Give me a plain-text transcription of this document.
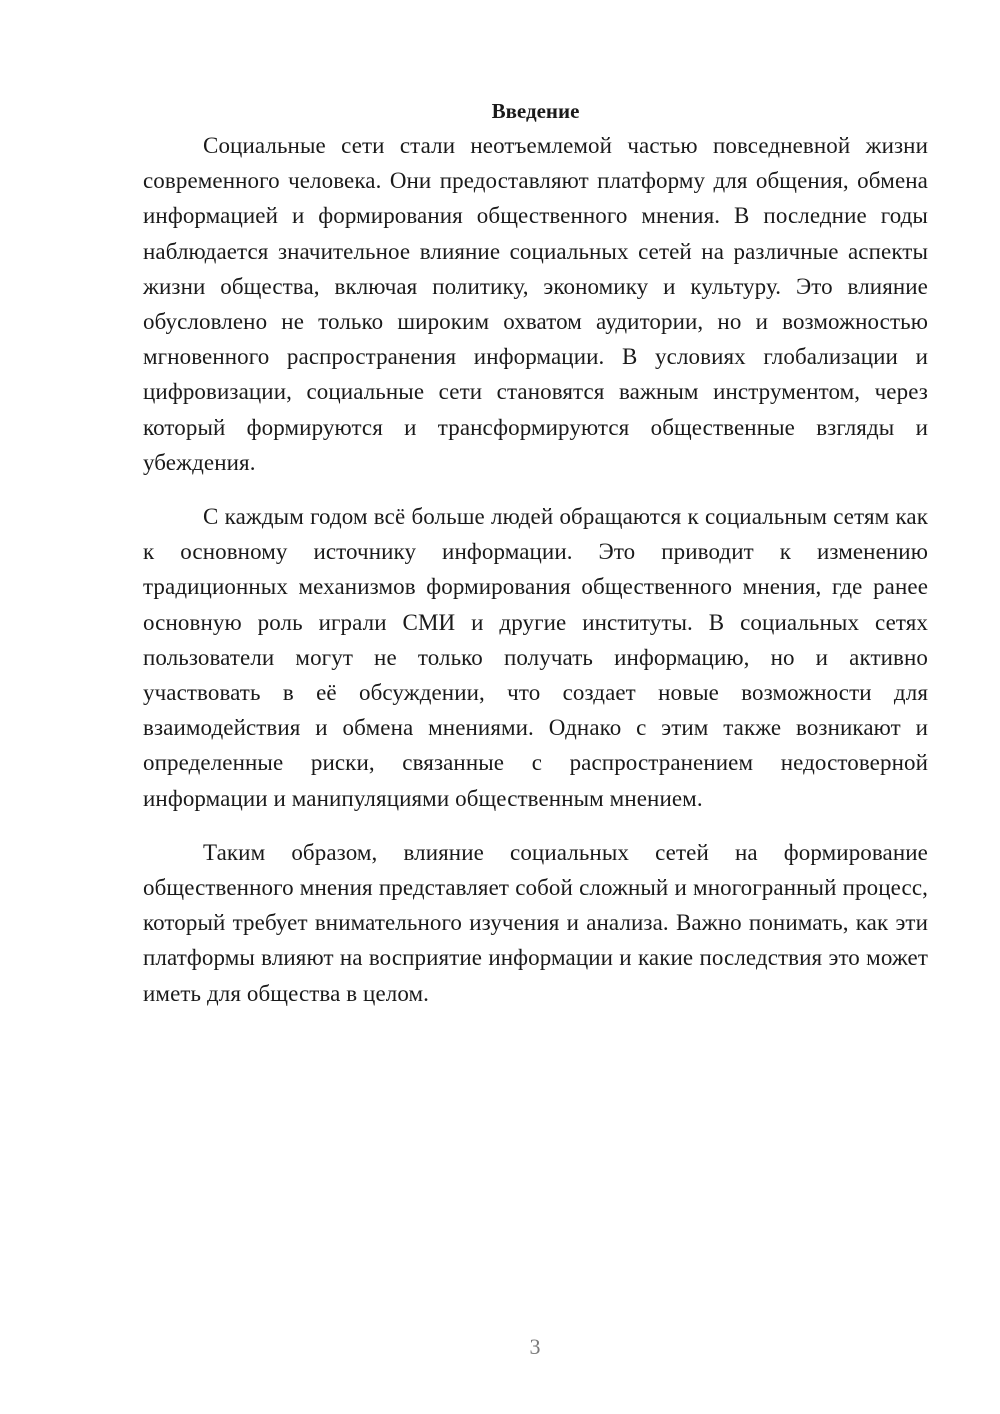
Введение

Социальные сети стали неотъемлемой частью повседневной жизни современного человека. Они предоставляют платформу для общения, обмена информацией и формирования общественного мнения. В последние годы наблюдается значительное влияние социальных сетей на различные аспекты жизни общества, включая политику, экономику и культуру. Это влияние обусловлено не только широким охватом аудитории, но и возможностью мгновенного распространения информации. В условиях глобализации и цифровизации, социальные сети становятся важным инструментом, через который формируются и трансформируются общественные взгляды и убеждения.

С каждым годом всё больше людей обращаются к социальным сетям как к основному источнику информации. Это приводит к изменению традиционных механизмов формирования общественного мнения, где ранее основную роль играли СМИ и другие институты. В социальных сетях пользователи могут не только получать информацию, но и активно участвовать в её обсуждении, что создает новые возможности для взаимодействия и обмена мнениями. Однако с этим также возникают и определенные риски, связанные с распространением недостоверной информации и манипуляциями общественным мнением.

Таким образом, влияние социальных сетей на формирование общественного мнения представляет собой сложный и многогранный процесс, который требует внимательного изучения и анализа. Важно понимать, как эти платформы влияют на восприятие информации и какие последствия это может иметь для общества в целом.

3
